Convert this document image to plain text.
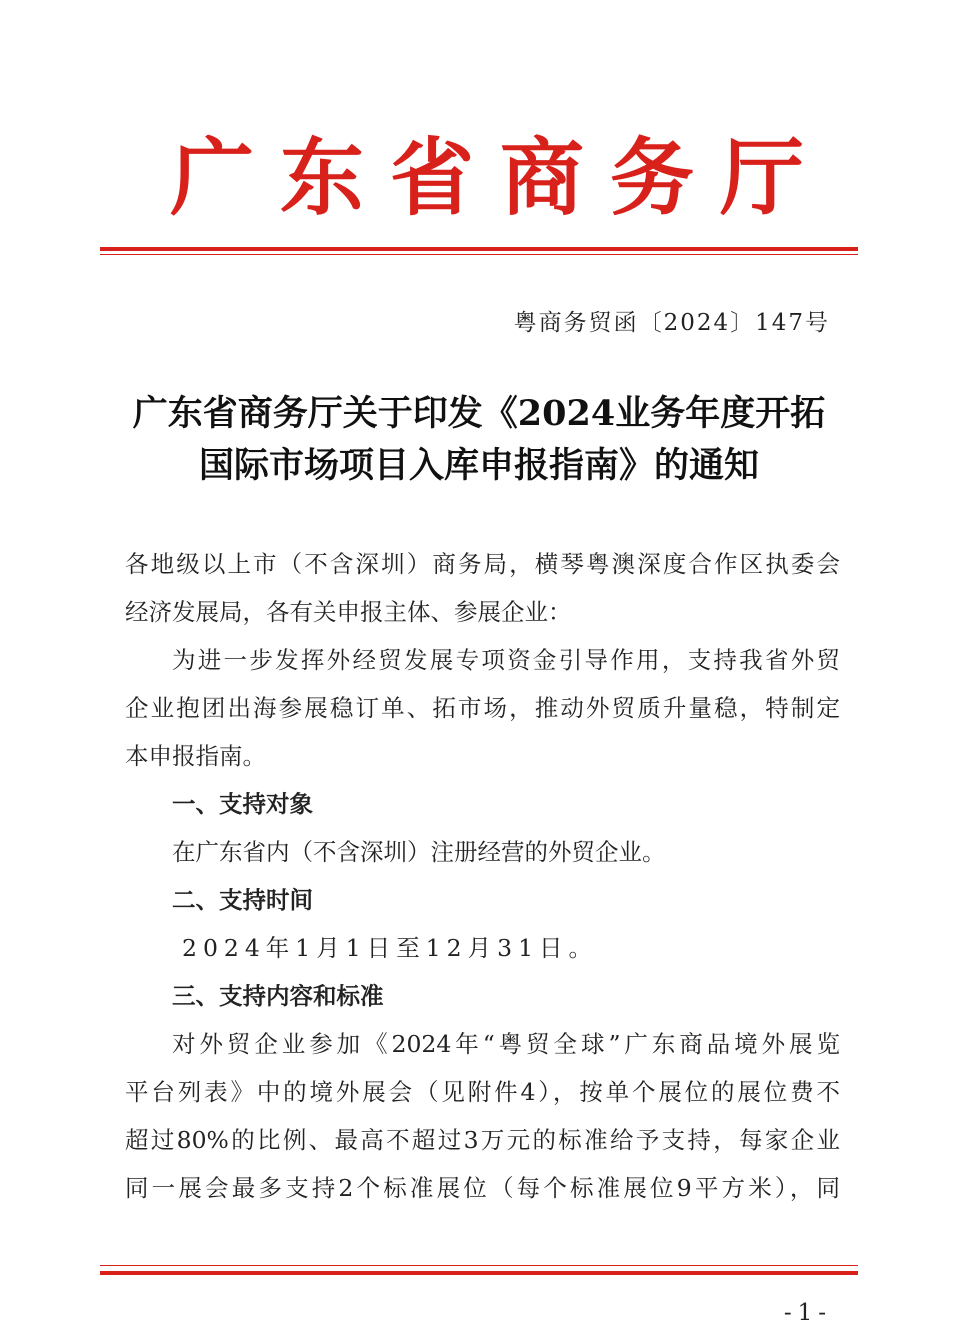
广东省商务厅
粤商务贸函〔2024〕147号
广东省商务厅关于印发《2024业务年度开拓
国际市场项目入库申报指南》的通知
各地级以上市（不含深圳）商务局，横琴粤澳深度合作区执委会
经济发展局，各有关申报主体、参展企业：
为进一步发挥外经贸发展专项资金引导作用，支持我省外贸
企业抱团出海参展稳订单、拓市场，推动外贸质升量稳，特制定
本申报指南。
一、支持对象
在广东省内（不含深圳）注册经营的外贸企业。
二、支持时间
2024年1月1日至12月31日。
三、支持内容和标准
对外贸企业参加《2024年“粤贸全球”广东商品境外展览
平台列表》中的境外展会（见附件4），按单个展位的展位费不
超过80%的比例、最高不超过3万元的标准给予支持，每家企业
同一展会最多支持2个标准展位（每个标准展位9平方米），同
-1-
